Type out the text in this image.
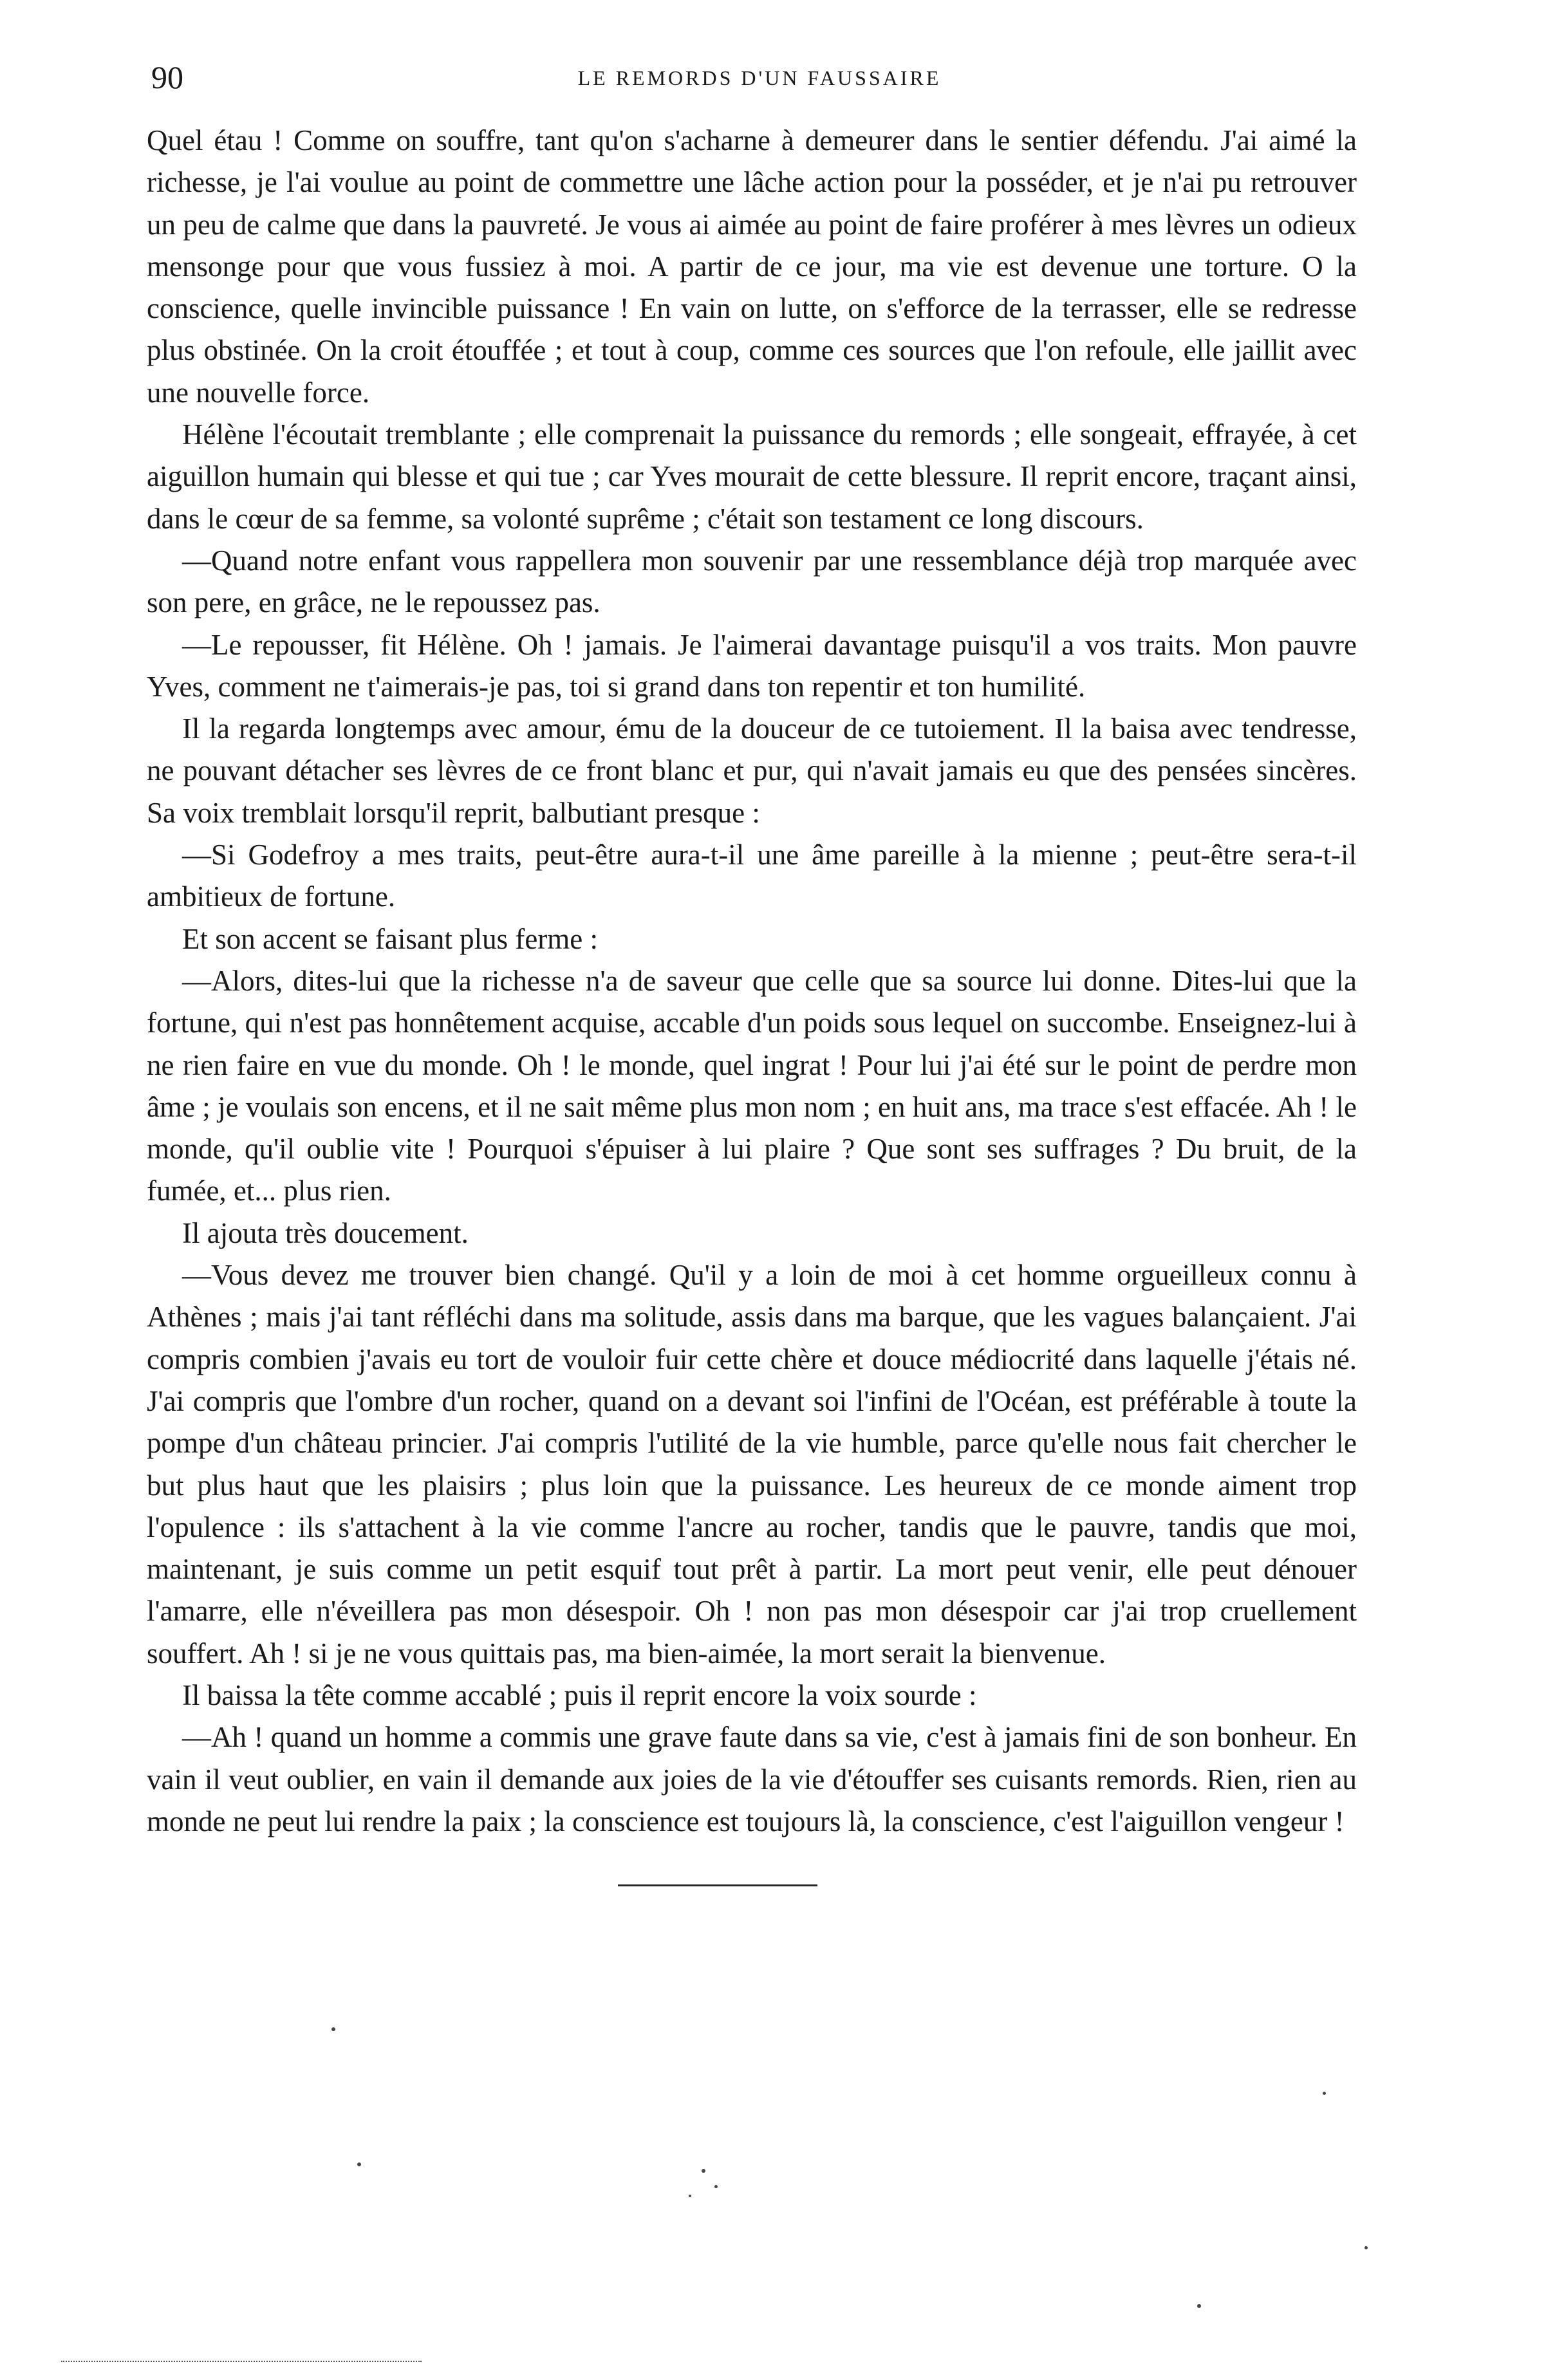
90	LE REMORDS D'UN FAUSSAIRE

Quel étau ! Comme on souffre, tant qu'on s'acharne à demeurer dans le sentier défendu. J'ai aimé la richesse, je l'ai voulue au point de commettre une lâche action pour la posséder, et je n'ai pu retrouver un peu de calme que dans la pauvreté. Je vous ai aimée au point de faire proférer à mes lèvres un odieux mensonge pour que vous fussiez à moi. A partir de ce jour, ma vie est devenue une torture. O la conscience, quelle invincible puissance ! En vain on lutte, on s'efforce de la terrasser, elle se redresse plus obstinée. On la croit étouffée ; et tout à coup, comme ces sources que l'on refoule, elle jaillit avec une nouvelle force.

Hélène l'écoutait tremblante ; elle comprenait la puissance du remords ; elle songeait, effrayée, à cet aiguillon humain qui blesse et qui tue ; car Yves mourait de cette blessure. Il reprit encore, traçant ainsi, dans le cœur de sa femme, sa volonté suprême ; c'était son testament ce long discours.

—Quand notre enfant vous rappellera mon souvenir par une ressemblance déjà trop marquée avec son pere, en grâce, ne le repoussez pas.

—Le repousser, fit Hélène. Oh ! jamais. Je l'aimerai davantage puisqu'il a vos traits. Mon pauvre Yves, comment ne t'aimerais-je pas, toi si grand dans ton repentir et ton humilité.

Il la regarda longtemps avec amour, ému de la douceur de ce tutoiement. Il la baisa avec tendresse, ne pouvant détacher ses lèvres de ce front blanc et pur, qui n'avait jamais eu que des pensées sincères. Sa voix tremblait lorsqu'il reprit, balbutiant presque :

—Si Godefroy a mes traits, peut-être aura-t-il une âme pareille à la mienne ; peut-être sera-t-il ambitieux de fortune.

Et son accent se faisant plus ferme :

—Alors, dites-lui que la richesse n'a de saveur que celle que sa source lui donne. Dites-lui que la fortune, qui n'est pas honnêtement acquise, accable d'un poids sous lequel on succombe. Enseignez-lui à ne rien faire en vue du monde. Oh ! le monde, quel ingrat ! Pour lui j'ai été sur le point de perdre mon âme ; je voulais son encens, et il ne sait même plus mon nom ; en huit ans, ma trace s'est effacée. Ah ! le monde, qu'il oublie vite ! Pourquoi s'épuiser à lui plaire ? Que sont ses suffrages ? Du bruit, de la fumée, et... plus rien.

Il ajouta très doucement.

—Vous devez me trouver bien changé. Qu'il y a loin de moi à cet homme orgueilleux connu à Athènes ; mais j'ai tant réfléchi dans ma solitude, assis dans ma barque, que les vagues balançaient. J'ai compris combien j'avais eu tort de vouloir fuir cette chère et douce médiocrité dans laquelle j'étais né. J'ai compris que l'ombre d'un rocher, quand on a devant soi l'infini de l'Océan, est préférable à toute la pompe d'un château princier. J'ai compris l'utilité de la vie humble, parce qu'elle nous fait chercher le but plus haut que les plaisirs ; plus loin que la puissance. Les heureux de ce monde aiment trop l'opulence : ils s'attachent à la vie comme l'ancre au rocher, tandis que le pauvre, tandis que moi, maintenant, je suis comme un petit esquif tout prêt à partir. La mort peut venir, elle peut dénouer l'amarre, elle n'éveillera pas mon désespoir. Oh ! non pas mon désespoir car j'ai trop cruellement souffert. Ah ! si je ne vous quittais pas, ma bien-aimée, la mort serait la bienvenue.

Il baissa la tête comme accablé ; puis il reprit encore la voix sourde :

—Ah ! quand un homme a commis une grave faute dans sa vie, c'est à jamais fini de son bonheur. En vain il veut oublier, en vain il demande aux joies de la vie d'étouffer ses cuisants remords. Rien, rien au monde ne peut lui rendre la paix ; la conscience est toujours là, la conscience, c'est l'aiguillon vengeur !
